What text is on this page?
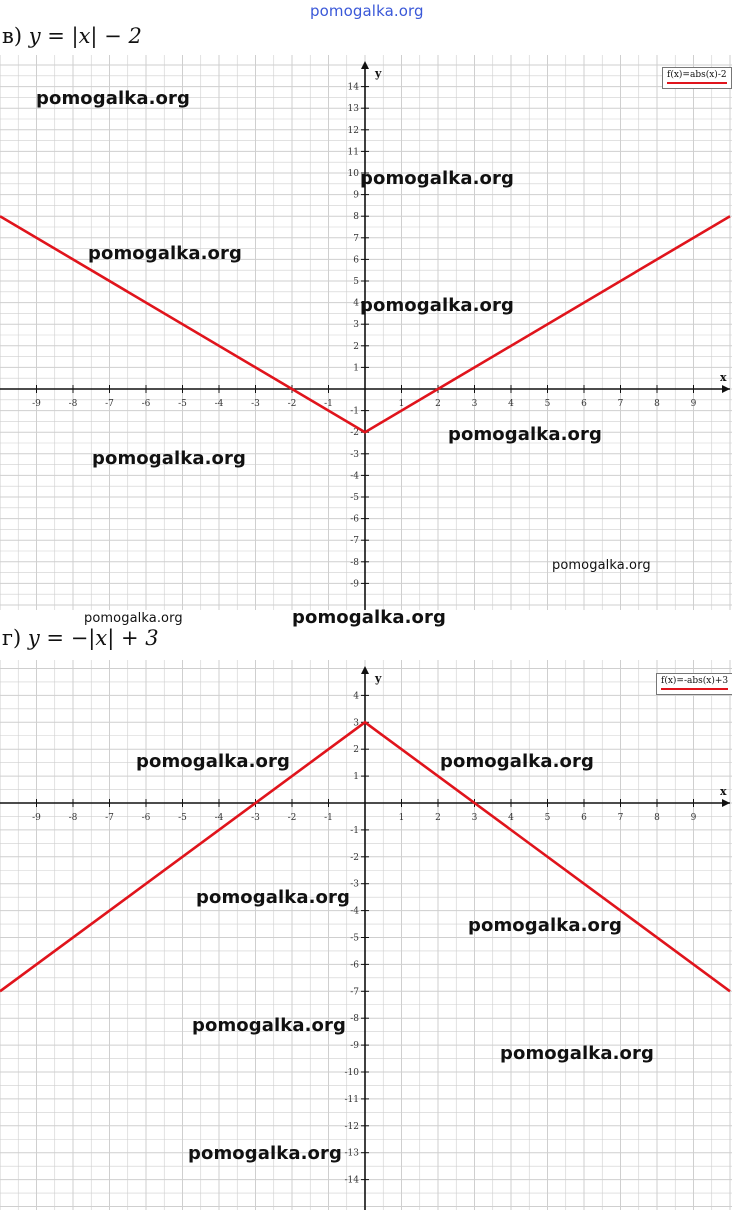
pomogalka.org
в) y = |x| − 2
x
y
-9	-8	-7	-6	-5	-4	-3	-2	-1	1	2	3	4	5	6	7	8	9
-9
-8
-7
-6
-5
-4
-3
-2
-1
1
2
3
4
5
6
7
8
9
10
11
12
13
14
f(x)=abs(x)-2
г) y = −|x| + 3
x
y
-9	-8	-7	-6	-5	-4	-3	-2	-1	1	2	3	4	5	6	7	8	9
-14
-13
-12
-11
-10
-9
-8
-7
-6
-5
-4
-3
-2
-1
1
2
3
4
f(x)=-abs(x)+3
pomogalka.org
pomogalka.org
pomogalka.org
pomogalka.org
pomogalka.org
pomogalka.org
pomogalka.org
pomogalka.org	pomogalka.org
pomogalka.org	pomogalka.org
pomogalka.org
pomogalka.org
pomogalka.org
pomogalka.org
pomogalka.org
